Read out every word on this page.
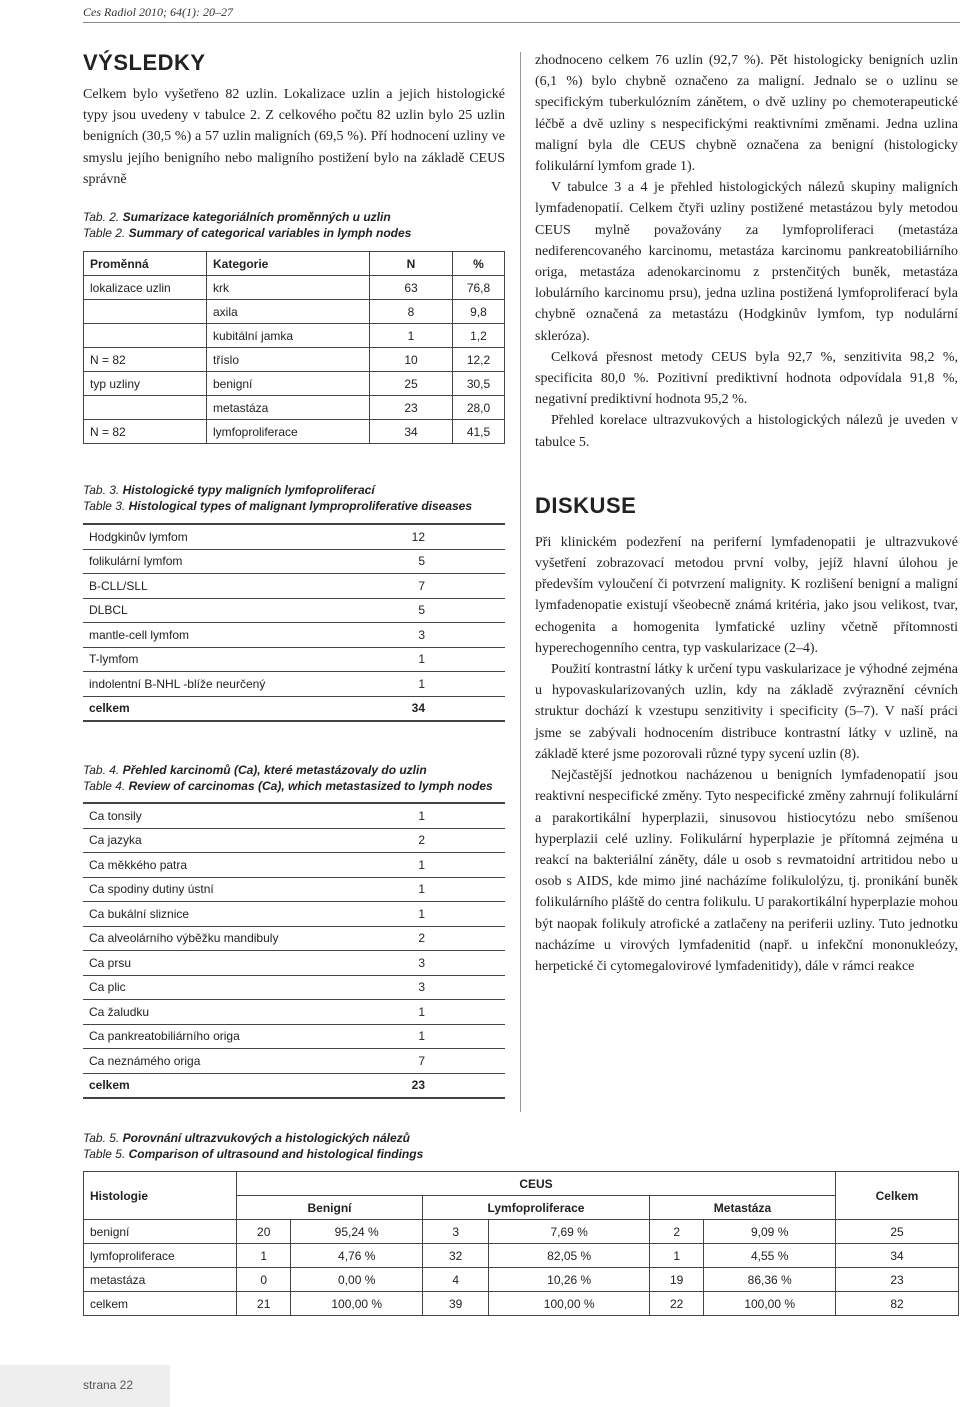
Ces Radiol 2010; 64(1): 20–27
VÝSLEDKY

Celkem bylo vyšetřeno 82 uzlin. Lokalizace uzlin a jejich histologické typy jsou uvedeny v tabulce 2. Z celkového počtu 82 uzlin bylo 25 uzlin benigních (30,5 %) a 57 uzlin maligních (69,5 %). Pří hodnocení uzliny ve smyslu jejího benigního nebo maligního postižení bylo na základě CEUS správně

Tab. 2. Sumarizace kategoriálních proměnných u uzlin

Table 2. Summary of categorical variables in lymph nodes

Proměnná	Kategorie	N	%
lokalizace uzlin	krk	63	76,8
	axila	8	9,8
	kubitální jamka	1	1,2
N = 82	tříslo	10	12,2
typ uzliny	benigní	25	30,5
	metastáza	23	28,0
N = 82	lymfoproliferace	34	41,5

Tab. 3. Histologické typy maligních lymfoproliferací

Table 3. Histological types of malignant lymproproliferative diseases

Hodgkinův lymfom	12
folikulární lymfom	5
B-CLL/SLL	7
DLBCL	5
mantle-cell lymfom	3
T-lymfom	1
indolentní B-NHL -blíže neurčený	1
celkem	34

Tab. 4. Přehled karcinomů (Ca), které metastázovaly do uzlin

Table 4. Review of carcinomas (Ca), which metastasized to lymph nodes

Ca tonsily	1
Ca jazyka	2
Ca měkkého patra	1
Ca spodiny dutiny ústní	1
Ca bukální sliznice	1
Ca alveolárního výběžku mandibuly	2
Ca prsu	3
Ca plic	3
Ca žaludku	1
Ca pankreatobiliárního origa	1
Ca neznámého origa	7
celkem	23

zhodnoceno celkem 76 uzlin (92,7 %). Pět histologicky benigních uzlin (6,1 %) bylo chybně označeno za maligní. Jednalo se o uzlinu se specifickým tuberkulózním zánětem, o dvě uzliny po chemoterapeutické léčbě a dvě uzliny s nespecifickými reaktivními změnami. Jedna uzlina maligní byla dle CEUS chybně označena za benigní (histologicky folikulární lymfom grade 1).

V tabulce 3 a 4 je přehled histologických nálezů skupiny maligních lymfadenopatií. Celkem čtyři uzliny postižené metastázou byly metodou CEUS mylně považovány za lymfoproliferaci (metastáza nediferencovaného karcinomu, metastáza karcinomu pankreatobiliárního origa, metastáza adenokarcinomu z prstenčitých buněk, metastáza lobulárního karcinomu prsu), jedna uzlina postižená lymfoproliferací byla chybně označená za metastázu (Hodgkinův lymfom, typ nodulární skleróza).

Celková přesnost metody CEUS byla 92,7 %, senzitivita 98,2 %, specificita 80,0 %. Pozitivní prediktivní hodnota odpovídala 91,8 %, negativní prediktivní hodnota 95,2 %.

Přehled korelace ultrazvukových a histologických nálezů je uveden v tabulce 5.

DISKUSE

Při klinickém podezření na periferní lymfadenopatii je ultrazvukové vyšetření zobrazovací metodou první volby, jejíž hlavní úlohou je především vyloučení či potvrzení malignity. K rozlišení benigní a maligní lymfadenopatie existují všeobecně známá kritéria, jako jsou velikost, tvar, echogenita a homogenita lymfatické uzliny včetně přítomnosti hyperechogenního centra, typ vaskularizace (2–4).

Použití kontrastní látky k určení typu vaskularizace je výhodné zejména u hypovaskularizovaných uzlin, kdy na základě zvýraznění cévních struktur dochází k vzestupu senzitivity i specificity (5–7). V naší práci jsme se zabývali hodnocením distribuce kontrastní látky v uzlině, na základě které jsme pozorovali různé typy sycení uzlin (8).

Nejčastější jednotkou nacházenou u benigních lymfadenopatií jsou reaktivní nespecifické změny. Tyto nespecifické změny zahrnují folikulární a parakortikální hyperplazii, sinusovou histiocytózu nebo smíšenou hyperplazii celé uzliny. Folikulární hyperplazie je přítomná zejména u reakcí na bakteriální záněty, dále u osob s revmatoidní artritidou nebo u osob s AIDS, kde mimo jiné nacházíme folikulolýzu, tj. pronikání buněk folikulárního pláště do centra folikulu. U parakortikální hyperplazie mohou být naopak folikuly atrofické a zatlačeny na periferii uzliny. Tuto jednotku nacházíme u virových lymfadenitid (např. u infekční mononukleózy, herpetické či cytomegalovirové lymfadenitidy), dále v rámci reakce

Tab. 5. Porovnání ultrazvukových a histologických nálezů

Table 5. Comparison of ultrasound and histological findings

Histologie	CEUS						Celkem
	Benigní		Lymfoproliferace		Metastáza		
benigní	20	95,24 %	3	7,69 %	2	9,09 %	25
lymfoproliferace	1	4,76 %	32	82,05 %	1	4,55 %	34
metastáza	0	0,00 %	4	10,26 %	19	86,36 %	23
celkem	21	100,00 %	39	100,00 %	22	100,00 %	82
strana 22
